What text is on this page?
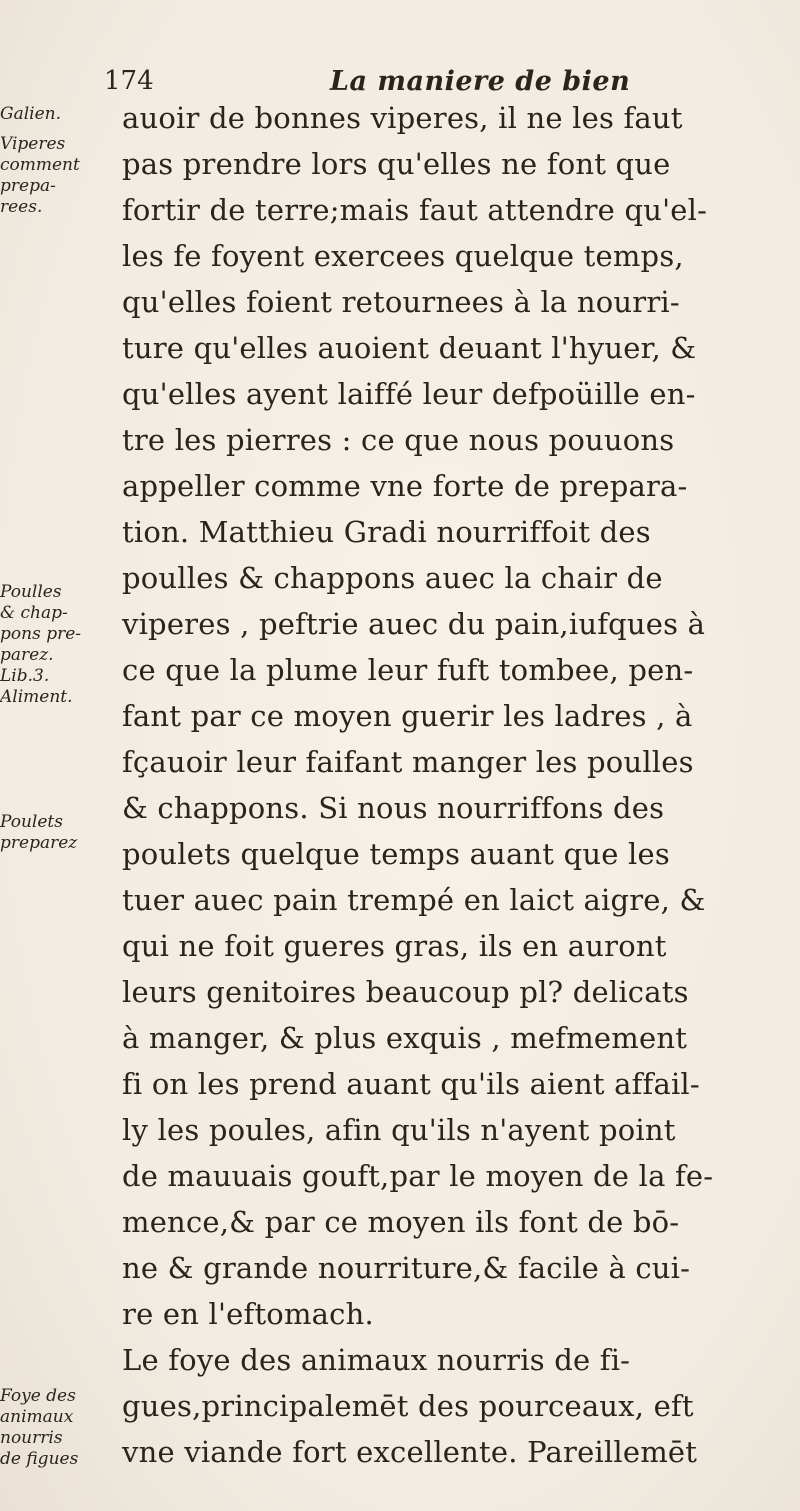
174	La maniere de bien
Galien.
Viperes
comment
prepa-
rees.
Poulles
& chap-
pons pre-
parez.
Lib.3.
Aliment.
Poulets
preparez
Foye des
animaux
nourris
de figues
auoir de bonnes viperes, il ne les faut
pas prendre lors qu'elles ne font que
fortir de terre;mais faut attendre qu'el-
les fe foyent exercees quelque temps,
qu'elles foient retournees à la nourri-
ture qu'elles auoient deuant l'hyuer, &
qu'elles ayent laiffé leur defpoüille en-
tre les pierres : ce que nous pouuons
appeller comme vne forte de prepara-
tion. Matthieu Gradi nourriffoit des
poulles & chappons auec la chair de
viperes , peftrie auec du pain,iufques à
ce que la plume leur fuft tombee, pen-
fant par ce moyen guerir les ladres , à
fçauoir leur faifant manger les poulles
& chappons. Si nous nourriffons des
poulets quelque temps auant que les
tuer auec pain trempé en laict aigre, &
qui ne foit gueres gras, ils en auront
leurs genitoires beaucoup pl? delicats
à manger, & plus exquis , mefmement
fi on les prend auant qu'ils aient affail-
ly les poules, afin qu'ils n'ayent point
de mauuais gouft,par le moyen de la fe-
mence,& par ce moyen ils font de bō-
ne & grande nourriture,& facile à cui-
re en l'eftomach.
Le foye des animaux nourris de fi-
gues,principalemēt des pourceaux, eft
vne viande fort excellente. Pareillemēt
